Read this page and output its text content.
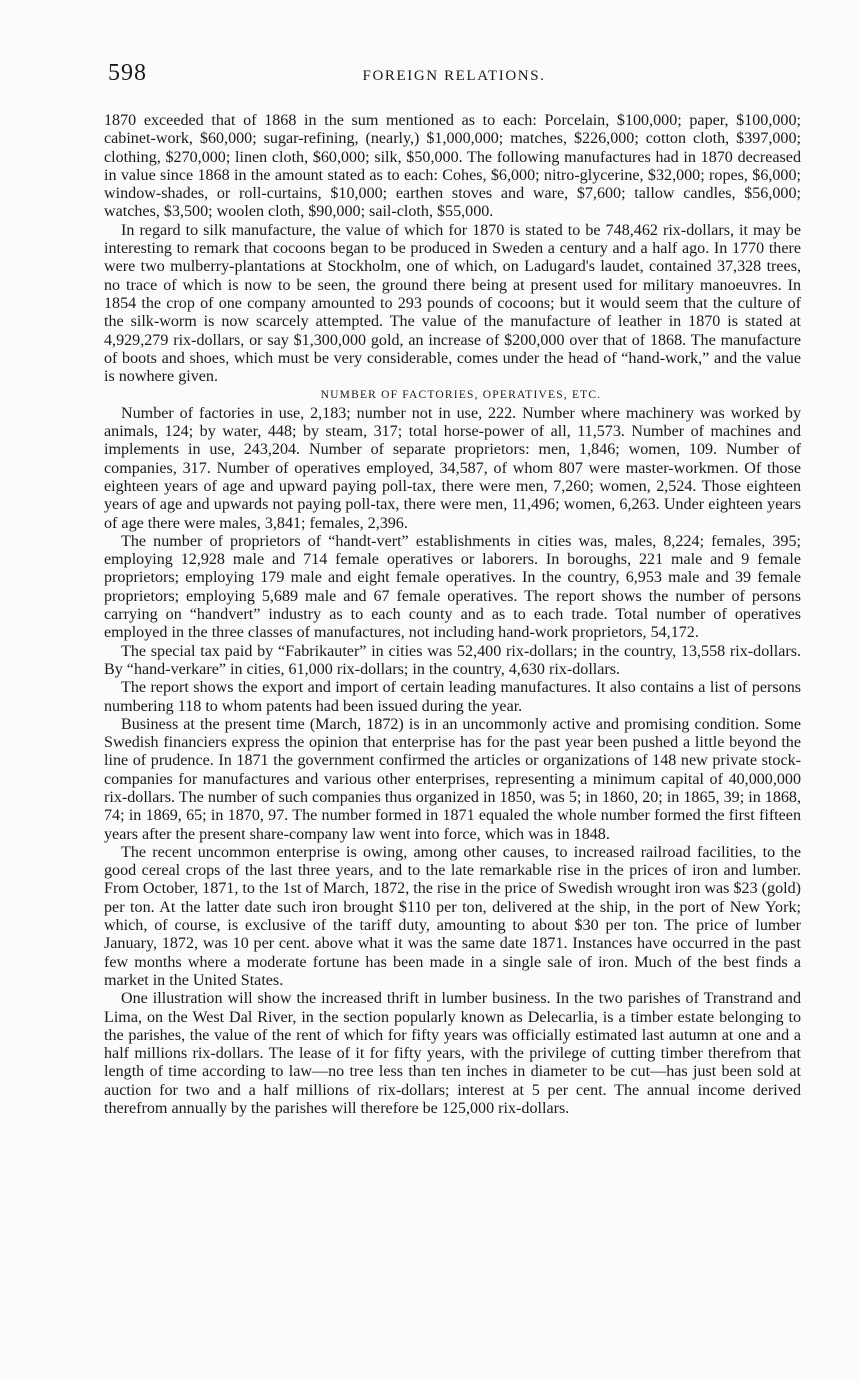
598	FOREIGN RELATIONS.

1870 exceeded that of 1868 in the sum mentioned as to each: Porcelain, $100,000; paper, $100,000; cabinet-work, $60,000; sugar-refining, (nearly,) $1,000,000; matches, $226,000; cotton cloth, $397,000; clothing, $270,000; linen cloth, $60,000; silk, $50,000. The following manufactures had in 1870 decreased in value since 1868 in the amount stated as to each: Cohes, $6,000; nitro-glycerine, $32,000; ropes, $6,000; window-shades, or roll-curtains, $10,000; earthen stoves and ware, $7,600; tallow candles, $56,000; watches, $3,500; woolen cloth, $90,000; sail-cloth, $55,000.

In regard to silk manufacture, the value of which for 1870 is stated to be 748,462 rix-dollars, it may be interesting to remark that cocoons began to be produced in Sweden a century and a half ago. In 1770 there were two mulberry-plantations at Stockholm, one of which, on Ladugard's laudet, contained 37,328 trees, no trace of which is now to be seen, the ground there being at present used for military manoeuvres. In 1854 the crop of one company amounted to 293 pounds of cocoons; but it would seem that the culture of the silk-worm is now scarcely attempted. The value of the manufacture of leather in 1870 is stated at 4,929,279 rix-dollars, or say $1,300,000 gold, an increase of $200,000 over that of 1868. The manufacture of boots and shoes, which must be very considerable, comes under the head of “hand-work,” and the value is nowhere given.

NUMBER OF FACTORIES, OPERATIVES, ETC.

Number of factories in use, 2,183; number not in use, 222. Number where machinery was worked by animals, 124; by water, 448; by steam, 317; total horse-power of all, 11,573. Number of machines and implements in use, 243,204. Number of separate proprietors: men, 1,846; women, 109. Number of companies, 317. Number of operatives employed, 34,587, of whom 807 were master-workmen. Of those eighteen years of age and upward paying poll-tax, there were men, 7,260; women, 2,524. Those eighteen years of age and upwards not paying poll-tax, there were men, 11,496; women, 6,263. Under eighteen years of age there were males, 3,841; females, 2,396.

The number of proprietors of “handt-vert” establishments in cities was, males, 8,224; females, 395; employing 12,928 male and 714 female operatives or laborers. In boroughs, 221 male and 9 female proprietors; employing 179 male and eight female operatives. In the country, 6,953 male and 39 female proprietors; employing 5,689 male and 67 female operatives. The report shows the number of persons carrying on “handvert” industry as to each county and as to each trade. Total number of operatives employed in the three classes of manufactures, not including hand-work proprietors, 54,172.

The special tax paid by “Fabrikauter” in cities was 52,400 rix-dollars; in the country, 13,558 rix-dollars. By “hand-verkare” in cities, 61,000 rix-dollars; in the country, 4,630 rix-dollars.

The report shows the export and import of certain leading manufactures. It also contains a list of persons numbering 118 to whom patents had been issued during the year.

Business at the present time (March, 1872) is in an uncommonly active and promising condition. Some Swedish financiers express the opinion that enterprise has for the past year been pushed a little beyond the line of prudence. In 1871 the government confirmed the articles or organizations of 148 new private stock-companies for manufactures and various other enterprises, representing a minimum capital of 40,000,000 rix-dollars. The number of such companies thus organized in 1850, was 5; in 1860, 20; in 1865, 39; in 1868, 74; in 1869, 65; in 1870, 97. The number formed in 1871 equaled the whole number formed the first fifteen years after the present share-company law went into force, which was in 1848.

The recent uncommon enterprise is owing, among other causes, to increased railroad facilities, to the good cereal crops of the last three years, and to the late remarkable rise in the prices of iron and lumber. From October, 1871, to the 1st of March, 1872, the rise in the price of Swedish wrought iron was $23 (gold) per ton. At the latter date such iron brought $110 per ton, delivered at the ship, in the port of New York; which, of course, is exclusive of the tariff duty, amounting to about $30 per ton. The price of lumber January, 1872, was 10 per cent. above what it was the same date 1871. Instances have occurred in the past few months where a moderate fortune has been made in a single sale of iron. Much of the best finds a market in the United States.

One illustration will show the increased thrift in lumber business. In the two parishes of Transtrand and Lima, on the West Dal River, in the section popularly known as Delecarlia, is a timber estate belonging to the parishes, the value of the rent of which for fifty years was officially estimated last autumn at one and a half millions rix-dollars. The lease of it for fifty years, with the privilege of cutting timber therefrom that length of time according to law—no tree less than ten inches in diameter to be cut—has just been sold at auction for two and a half millions of rix-dollars; interest at 5 per cent. The annual income derived therefrom annually by the parishes will therefore be 125,000 rix-dollars.
